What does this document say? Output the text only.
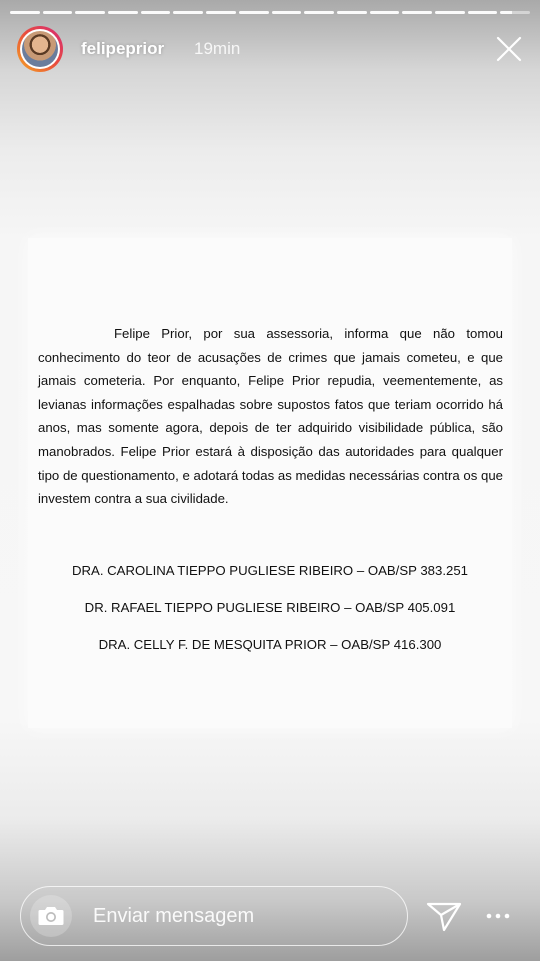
felipeprior 19min

Felipe Prior, por sua assessoria, informa que não tomou conhecimento do teor de acusações de crimes que jamais cometeu, e que jamais cometeria. Por enquanto, Felipe Prior repudia, veementemente, as levianas informações espalhadas sobre supostos fatos que teriam ocorrido há anos, mas somente agora, depois de ter adquirido visibilidade pública, são manobrados. Felipe Prior estará à disposição das autoridades para qualquer tipo de questionamento, e adotará todas as medidas necessárias contra os que investem contra a sua civilidade.

DRA. CAROLINA TIEPPO PUGLIESE RIBEIRO – OAB/SP 383.251
DR. RAFAEL TIEPPO PUGLIESE RIBEIRO – OAB/SP 405.091
DRA. CELLY F. DE MESQUITA PRIOR – OAB/SP 416.300
Enviar mensagem
